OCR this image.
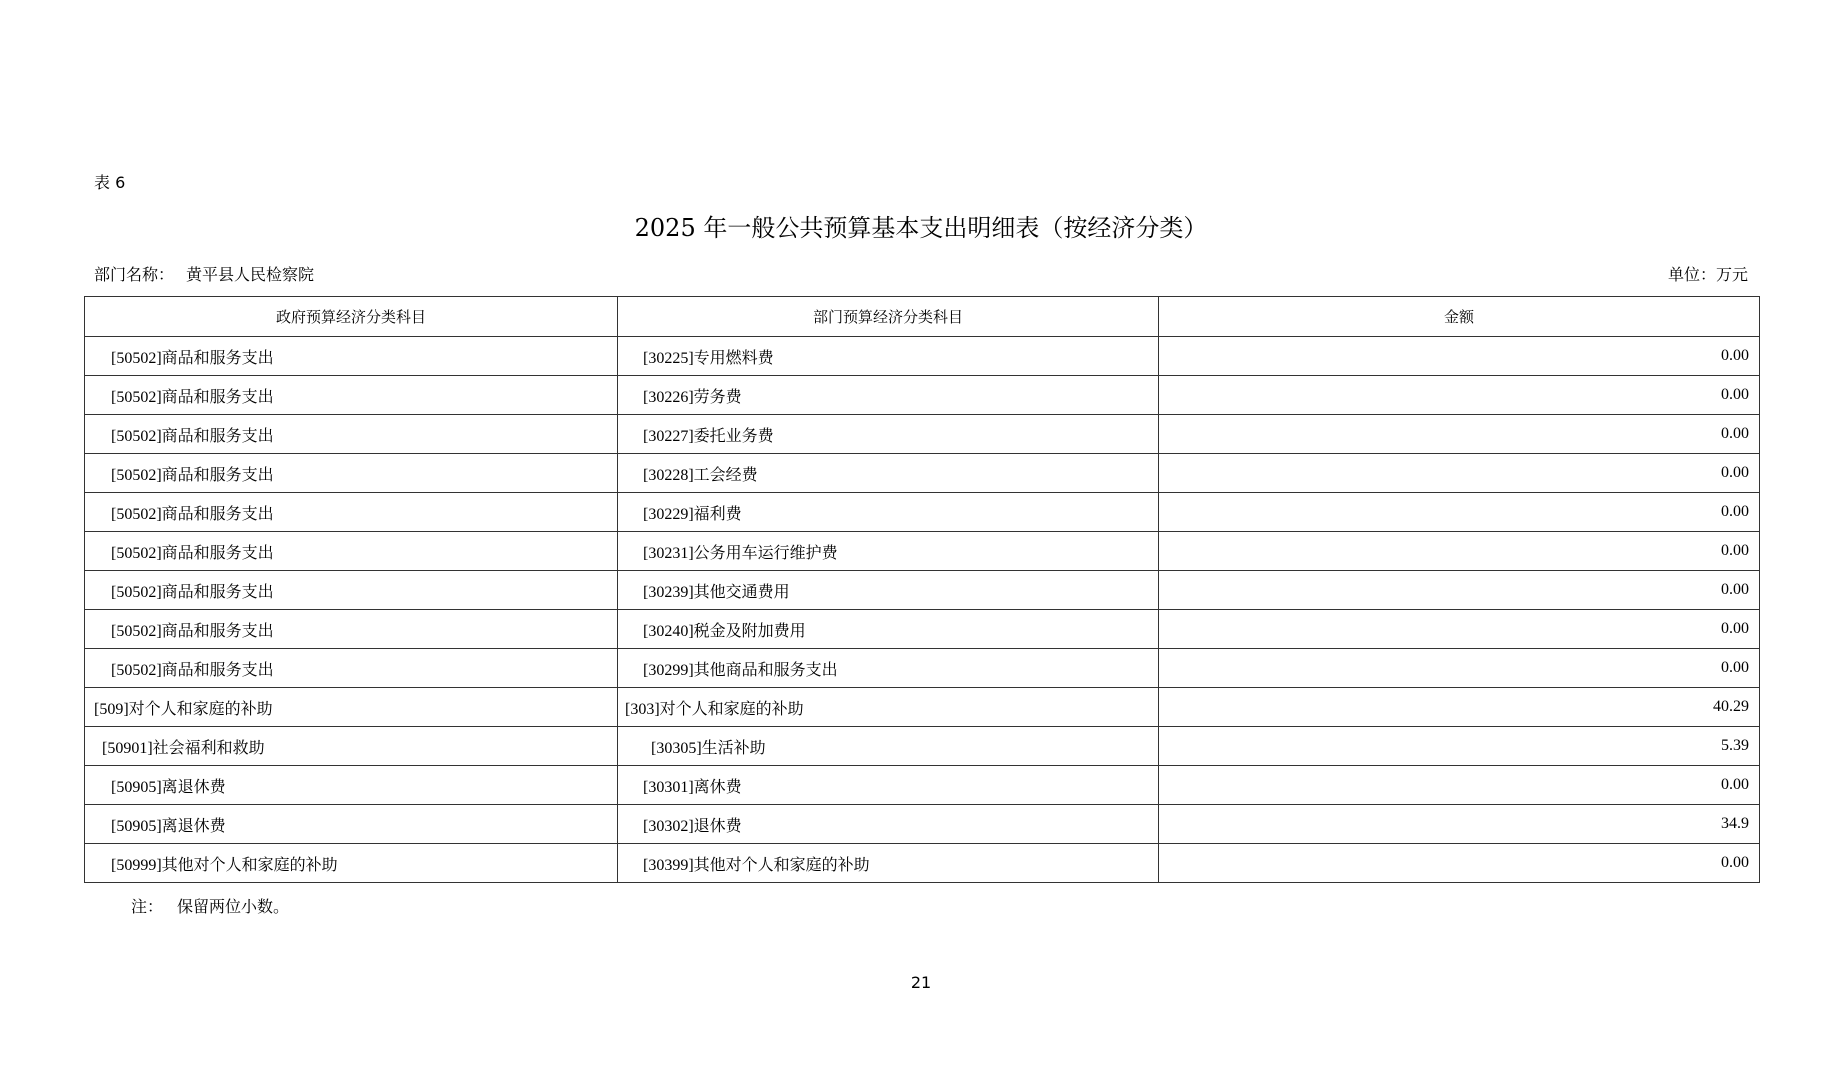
表 6
2025 年一般公共预算基本支出明细表（按经济分类）
部门名称： 黄平县人民检察院	单位：万元
政府预算经济分类科目	部门预算经济分类科目	金额
[50502]商品和服务支出	[30225]专用燃料费	0.00
[50502]商品和服务支出	[30226]劳务费	0.00
[50502]商品和服务支出	[30227]委托业务费	0.00
[50502]商品和服务支出	[30228]工会经费	0.00
[50502]商品和服务支出	[30229]福利费	0.00
[50502]商品和服务支出	[30231]公务用车运行维护费	0.00
[50502]商品和服务支出	[30239]其他交通费用	0.00
[50502]商品和服务支出	[30240]税金及附加费用	0.00
[50502]商品和服务支出	[30299]其他商品和服务支出	0.00
[509]对个人和家庭的补助	[303]对个人和家庭的补助	40.29
[50901]社会福利和救助	[30305]生活补助	5.39
[50905]离退休费	[30301]离休费	0.00
[50905]离退休费	[30302]退休费	34.9
[50999]其他对个人和家庭的补助	[30399]其他对个人和家庭的补助	0.00
注： 保留两位小数。
21
